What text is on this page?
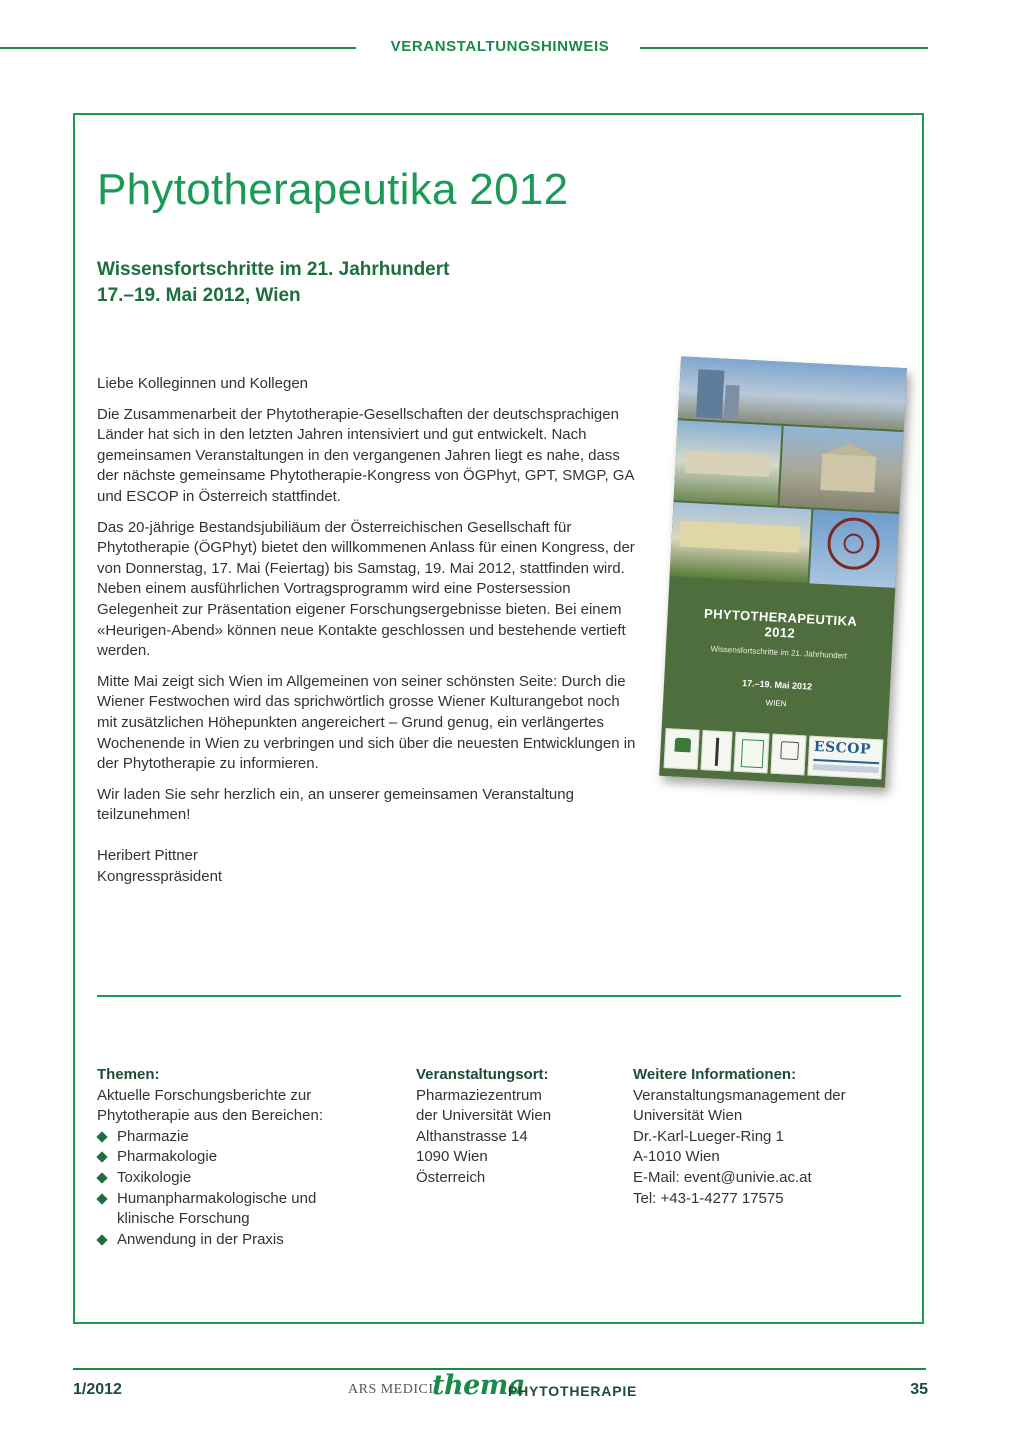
VERANSTALTUNGSHINWEIS
Phytotherapeutika 2012
Wissensfortschritte im 21. Jahrhundert
17.–19. Mai 2012, Wien

Liebe Kolleginnen und Kollegen

Die Zusammenarbeit der Phytotherapie-Gesellschaften der deutschsprachigen Länder hat sich in den letzten Jahren intensiviert und gut entwickelt. Nach gemeinsamen Veranstaltungen in den vergangenen Jahren liegt es nahe, dass der nächste gemeinsame Phytotherapie-Kongress von ÖGPhyt, GPT, SMGP, GA und ESCOP in Österreich stattfindet.

Das 20-jährige Bestandsjubiliäum der Österreichischen Gesellschaft für Phytotherapie (ÖGPhyt) bietet den willkommenen Anlass für einen Kongress, der von Donnerstag, 17. Mai (Feiertag) bis Samstag, 19. Mai 2012, stattfinden wird. Neben einem ausführlichen Vortragsprogramm wird eine Postersession Gelegenheit zur Präsentation eigener Forschungsergebnisse bieten. Bei einem «Heurigen-Abend» können neue Kontakte geschlossen und bestehende vertieft werden.

Mitte Mai zeigt sich Wien im Allgemeinen von seiner schönsten Seite: Durch die Wiener Festwochen wird das sprichwörtlich grosse Wiener Kulturangebot noch mit zusätzlichen Höhepunkten angereichert – Grund genug, ein verlängertes Wochenende in Wien zu verbringen und sich über die neuesten Entwicklungen in der Phytotherapie zu informieren.

Wir laden Sie sehr herzlich ein, an unserer gemeinsamen Veranstaltung teilzunehmen!

Heribert Pittner
Kongresspräsident
PHYTOTHERAPEUTIKA
2012
Wissensfortschritte im 21. Jahrhundert
17.–19. Mai 2012
WIEN
ESCOP
Themen:
Aktuelle Forschungsberichte zur
Phytotherapie aus den Bereichen:
Pharmazie
Pharmakologie
Toxikologie
Humanpharmakologische und klinische Forschung
Anwendung in der Praxis
Veranstaltungsort:
Pharmaziezentrum
der Universität Wien
Althanstrasse 14
1090 Wien
Österreich
Weitere Informationen:
Veranstaltungsmanagement der
Universität Wien
Dr.-Karl-Lueger-Ring 1
A-1010 Wien
E-Mail: event@univie.ac.at
Tel: +43-1-4277 17575
1/2012	ARS MEDICI
thema
PHYTOTHERAPIE	35
